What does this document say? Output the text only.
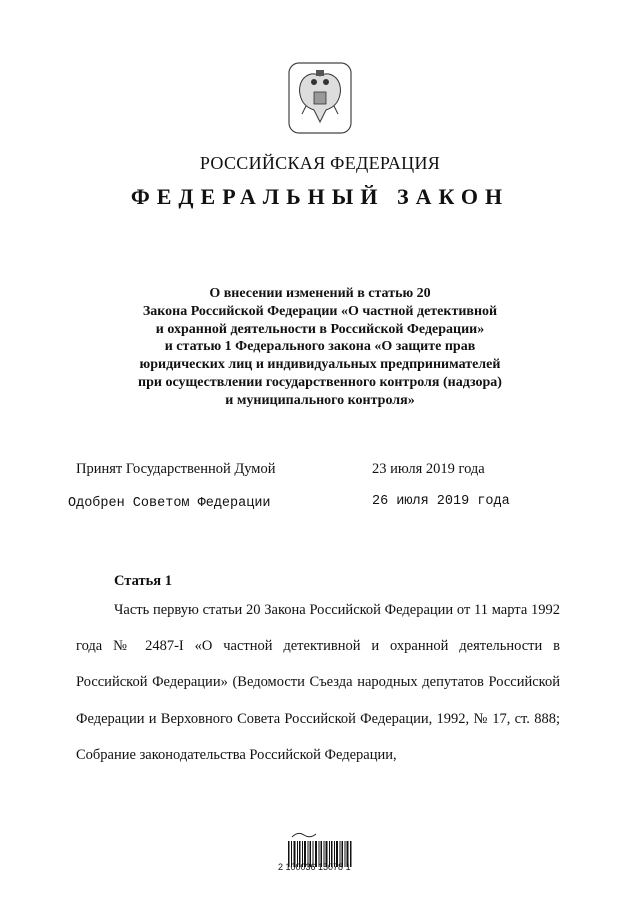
РОССИЙСКАЯ ФЕДЕРАЦИЯ
ФЕДЕРАЛЬНЫЙ ЗАКОН
О внесении изменений в статью 20
Закона Российской Федерации «О частной детективной
и охранной деятельности в Российской Федерации»
и статью 1 Федерального закона «О защите прав
юридических лиц и индивидуальных предпринимателей
при осуществлении государственного контроля (надзора)
и муниципального контроля»
Принят Государственной Думой	23 июля 2019 года
Одобрен Советом Федерации	26 июля 2019 года
Статья 1
Часть первую статьи 20 Закона Российской Федерации от 11 марта 1992 года № 2487-I «О частной детективной и охранной деятельности в Российской Федерации» (Ведомости Съезда народных депутатов Российской Федерации и Верховного Совета Российской Федерации, 1992, № 17, ст. 888; Собрание законодательства Российской Федерации,
2 100036 15078 1
